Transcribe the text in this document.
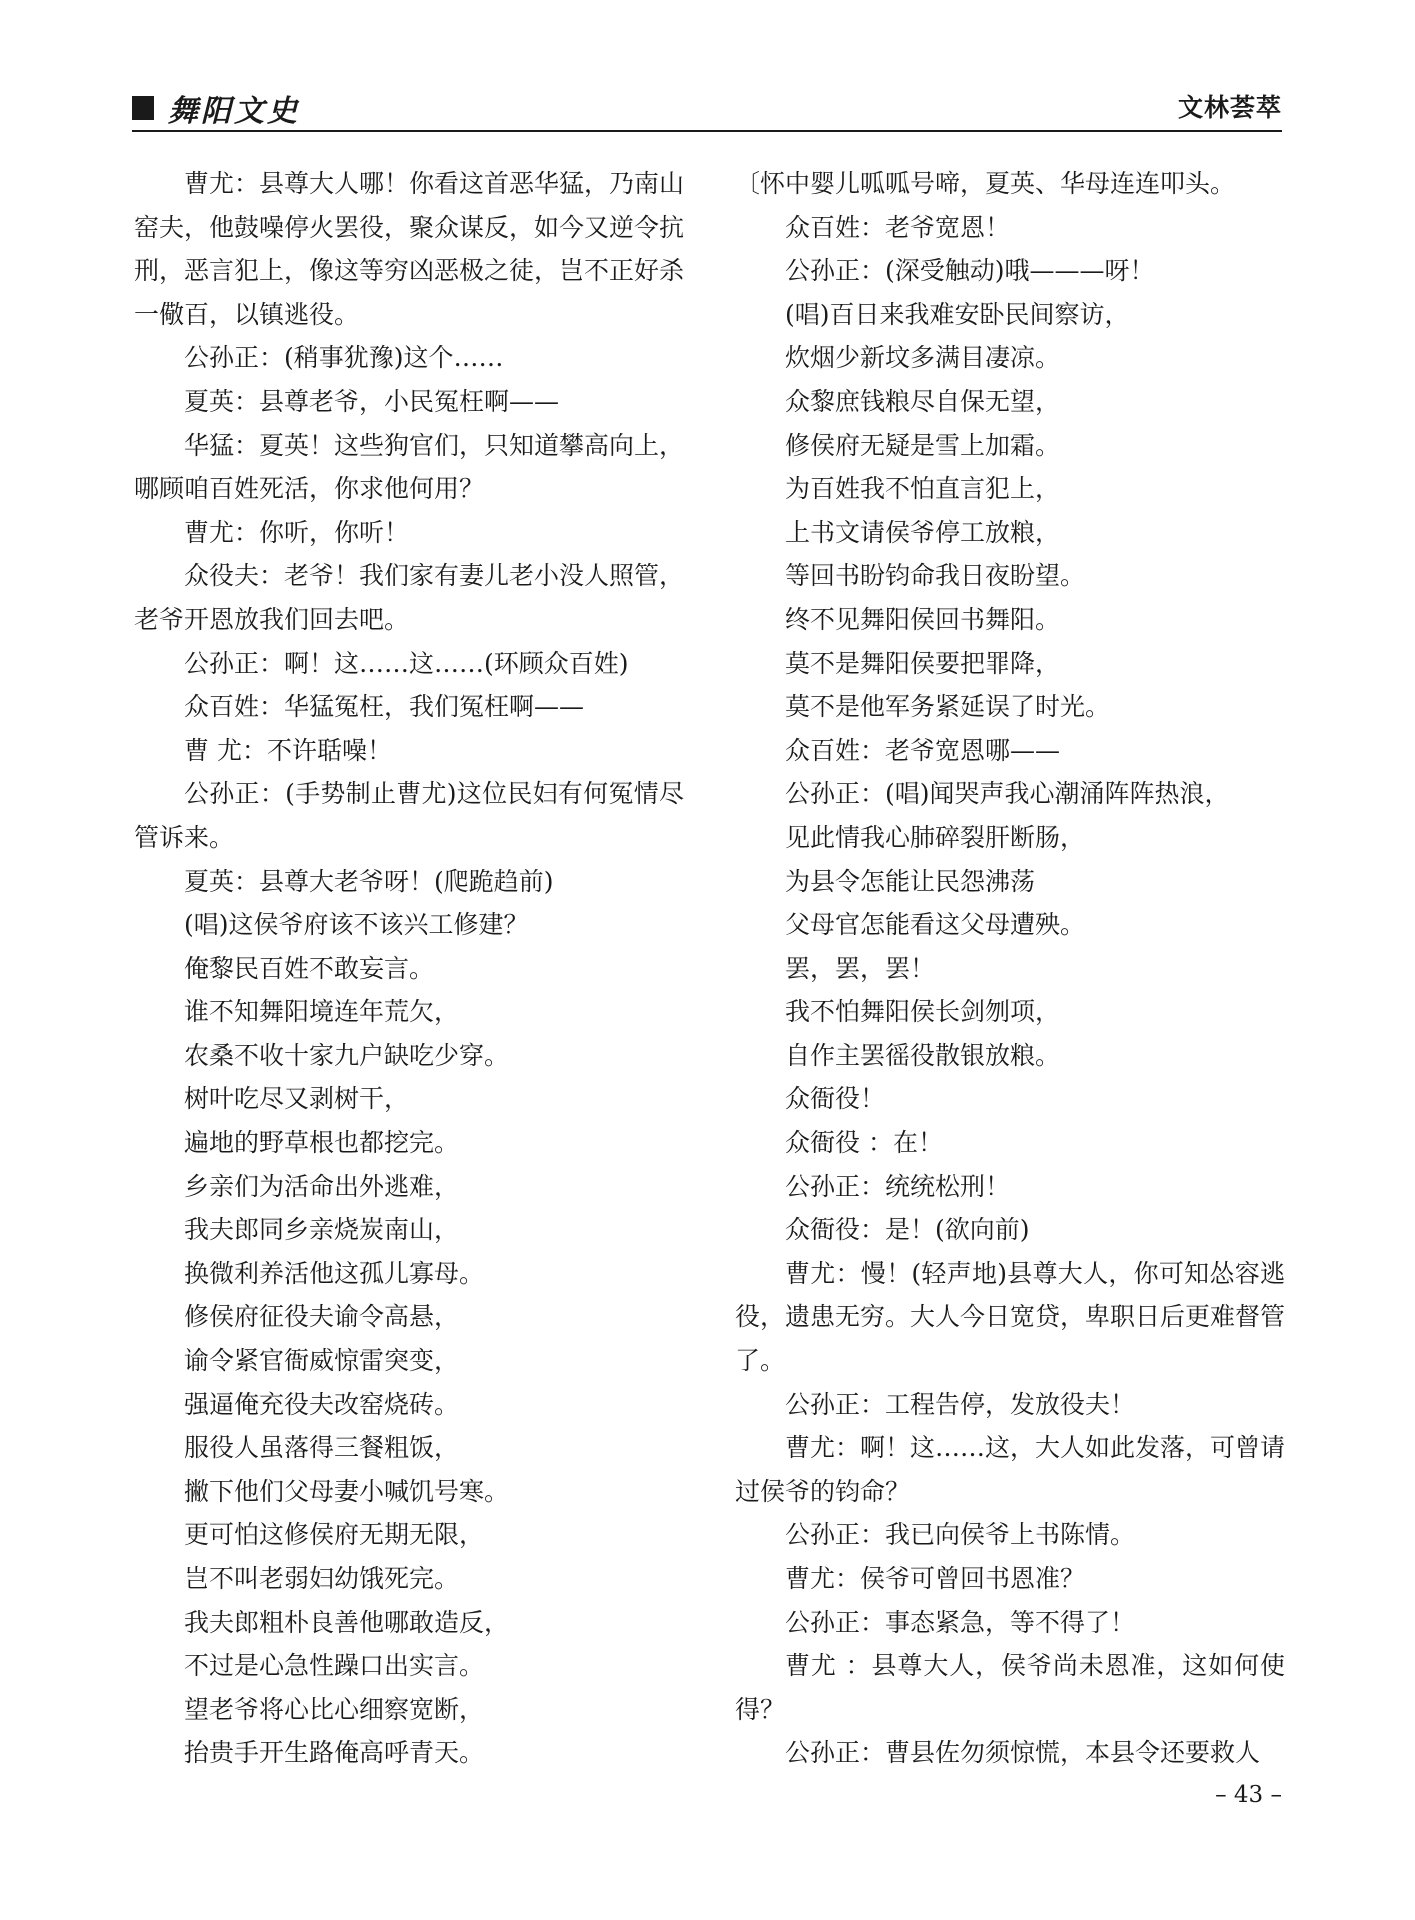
舞阳文史	文林荟萃

曹尤：县尊大人哪！你看这首恶华猛，乃南山窑夫，他鼓噪停火罢役，聚众谋反，如今又逆令抗刑，恶言犯上，像这等穷凶恶极之徒，岂不正好杀一儆百，以镇逃役。

公孙正：(稍事犹豫)这个……

夏英：县尊老爷，小民冤枉啊——

华猛：夏英！这些狗官们，只知道攀高向上，哪顾咱百姓死活，你求他何用？

曹尤：你听，你听！

众役夫：老爷！我们家有妻儿老小没人照管，老爷开恩放我们回去吧。

公孙正：啊！这……这……(环顾众百姓)

众百姓：华猛冤枉，我们冤枉啊——

曹 尤：不许聒噪！

公孙正：(手势制止曹尤)这位民妇有何冤情尽管诉来。

夏英：县尊大老爷呀！(爬跪趋前)

(唱)这侯爷府该不该兴工修建？

俺黎民百姓不敢妄言。

谁不知舞阳境连年荒欠，

农桑不收十家九户缺吃少穿。

树叶吃尽又剥树干，

遍地的野草根也都挖完。

乡亲们为活命出外逃难，

我夫郎同乡亲烧炭南山，

换微利养活他这孤儿寡母。

修侯府征役夫谕令高悬，

谕令紧官衙威惊雷突变，

强逼俺充役夫改窑烧砖。

服役人虽落得三餐粗饭，

撇下他们父母妻小喊饥号寒。

更可怕这修侯府无期无限，

岂不叫老弱妇幼饿死完。

我夫郎粗朴良善他哪敢造反，

不过是心急性躁口出实言。

望老爷将心比心细察宽断，

抬贵手开生路俺高呼青天。

〔怀中婴儿呱呱号啼，夏英、华母连连叩头。

众百姓：老爷宽恩！

公孙正：(深受触动)哦———呀！

(唱)百日来我难安卧民间察访，

炊烟少新坟多满目凄凉。

众黎庶钱粮尽自保无望，

修侯府无疑是雪上加霜。

为百姓我不怕直言犯上，

上书文请侯爷停工放粮，

等回书盼钧命我日夜盼望。

终不见舞阳侯回书舞阳。

莫不是舞阳侯要把罪降，

莫不是他军务紧延误了时光。

众百姓：老爷宽恩哪——

公孙正：(唱)闻哭声我心潮涌阵阵热浪，

见此情我心肺碎裂肝断肠，

为县令怎能让民怨沸荡

父母官怎能看这父母遭殃。

罢，罢，罢！

我不怕舞阳侯长剑刎项，

自作主罢徭役散银放粮。

众衙役！

众衙役 ：在！

公孙正：统统松刑！

众衙役：是！(欲向前)

曹尤：慢！(轻声地)县尊大人，你可知怂容逃役，遗患无穷。大人今日宽贷，卑职日后更难督管了。

公孙正：工程告停，发放役夫！

曹尤：啊！这……这，大人如此发落，可曾请过侯爷的钧命？

公孙正：我已向侯爷上书陈情。

曹尤：侯爷可曾回书恩准？

公孙正：事态紧急，等不得了！

曹尤 ：县尊大人，侯爷尚未恩准，这如何使得？

公孙正：曹县佐勿须惊慌，本县令还要救人

– 43 –
